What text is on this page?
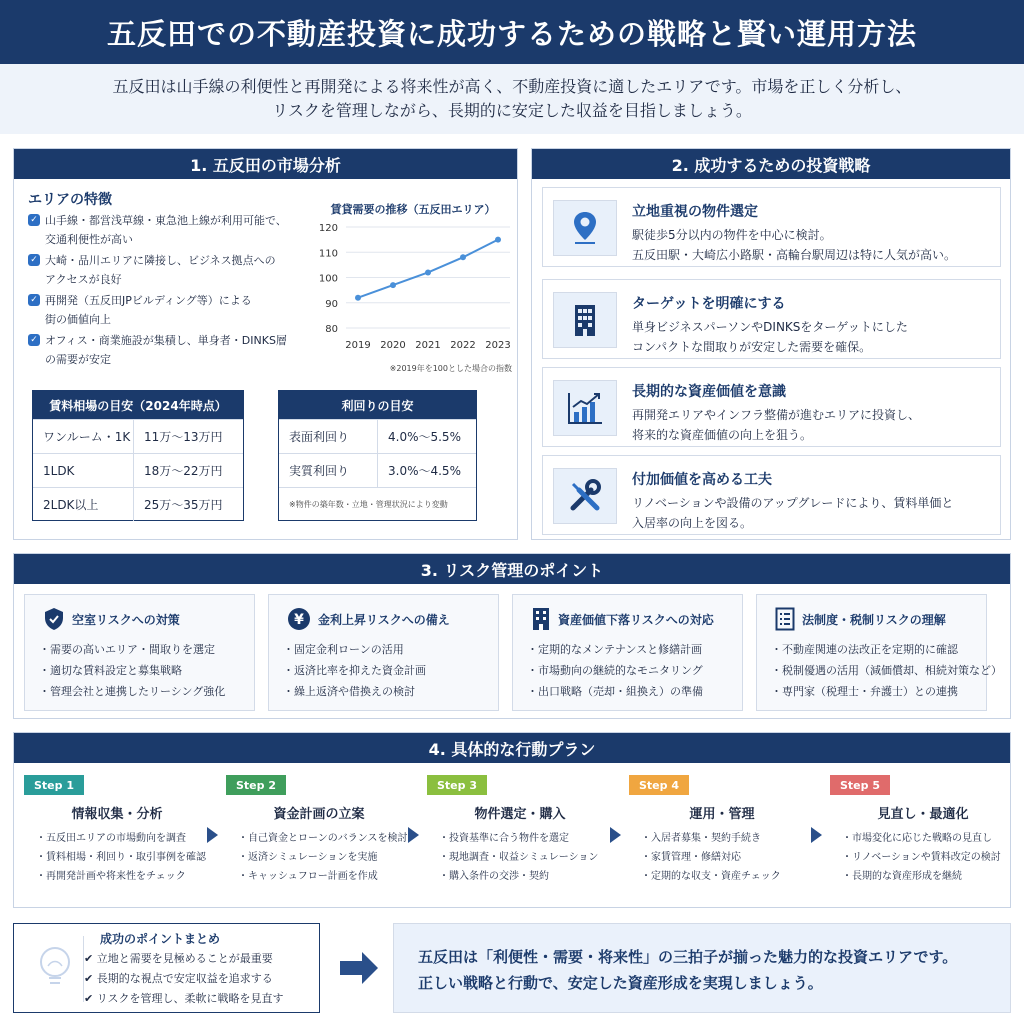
五反田での不動産投資に成功するための戦略と賢い運用方法

五反田は山手線の利便性と再開発による将来性が高く、不動産投資に適したエリアです。市場を正しく分析し、
リスクを管理しながら、長期的に安定した収益を目指しましょう。

1. 五反田の市場分析
エリアの特徴
✓ 山手線・都営浅草線・東急池上線が利用可能で、
交通利便性が高い
✓ 大崎・品川エリアに隣接し、ビジネス拠点への
アクセスが良好
✓ 再開発（五反田JPビルディング等）による
街の価値向上
✓ オフィス・商業施設が集積し、単身者・DINKS層
の需要が安定
賃貸需要の推移（五反田エリア）
80
90
100
110
120
2019 2020 2021 2022 2023
※2019年を100とした場合の指数
賃料相場の目安（2024年時点）
ワンルーム・1K	11万〜13万円
1LDK	18万〜22万円
2LDK以上	25万〜35万円
利回りの目安
表面利回り	4.0%〜5.5%
実質利回り	3.0%〜4.5%
※物件の築年数・立地・管理状況により変動
2. 成功するための投資戦略
立地重視の物件選定
駅徒歩5分以内の物件を中心に検討。
五反田駅・大崎広小路駅・高輪台駅周辺は特に人気が高い。
ターゲットを明確にする
単身ビジネスパーソンやDINKSをターゲットにした
コンパクトな間取りが安定した需要を確保。
長期的な資産価値を意識
再開発エリアやインフラ整備が進むエリアに投資し、
将来的な資産価値の向上を狙う。
付加価値を高める工夫
リノベーションや設備のアップグレードにより、賃料単価と
入居率の向上を図る。
3. リスク管理のポイント
空室リスクへの対策
・需要の高いエリア・間取りを選定
・適切な賃料設定と募集戦略
・管理会社と連携したリーシング強化
¥ 金利上昇リスクへの備え
・固定金利ローンの活用
・返済比率を抑えた資金計画
・繰上返済や借換えの検討
資産価値下落リスクへの対応
・定期的なメンテナンスと修繕計画
・市場動向の継続的なモニタリング
・出口戦略（売却・組換え）の準備
法制度・税制リスクの理解
・不動産関連の法改正を定期的に確認
・税制優遇の活用（減価償却、相続対策など）
・専門家（税理士・弁護士）との連携
4. 具体的な行動プラン
Step 1
情報収集・分析
・五反田エリアの市場動向を調査
・賃料相場・利回り・取引事例を確認
・再開発計画や将来性をチェック
Step 2
資金計画の立案
・自己資金とローンのバランスを検討
・返済シミュレーションを実施
・キャッシュフロー計画を作成
Step 3
物件選定・購入
・投資基準に合う物件を選定
・現地調査・収益シミュレーション
・購入条件の交渉・契約
Step 4
運用・管理
・入居者募集・契約手続き
・家賃管理・修繕対応
・定期的な収支・資産チェック
Step 5
見直し・最適化
・市場変化に応じた戦略の見直し
・リノベーションや賃料改定の検討
・長期的な資産形成を継続
成功のポイントまとめ
✔ 立地と需要を見極めることが最重要
✔ 長期的な視点で安定収益を追求する
✔ リスクを管理し、柔軟に戦略を見直す

五反田は「利便性・需要・将来性」の三拍子が揃った魅力的な投資エリアです。

正しい戦略と行動で、安定した資産形成を実現しましょう。
